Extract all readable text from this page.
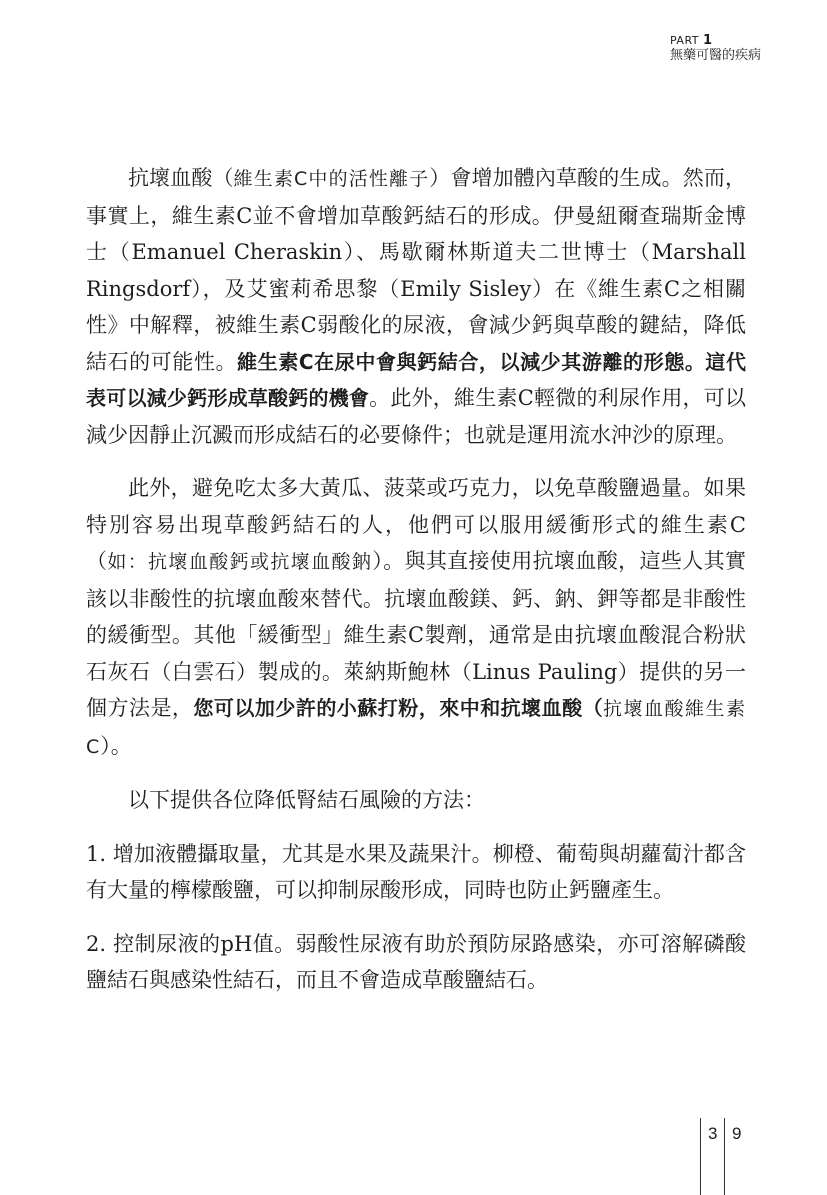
PART 1
無藥可醫的疾病

抗壞血酸（維生素C中的活性離子）會增加體內草酸的生成。然而，事實上，維生素C並不會增加草酸鈣結石的形成。伊曼紐爾查瑞斯金博士（Emanuel Cheraskin）、馬歇爾林斯道夫二世博士（Marshall Ringsdorf），及艾蜜莉希思黎（Emily Sisley）在《維生素C之相關性》中解釋，被維生素C弱酸化的尿液，會減少鈣與草酸的鍵結，降低結石的可能性。維生素C在尿中會與鈣結合，以減少其游離的形態。這代表可以減少鈣形成草酸鈣的機會。此外，維生素C輕微的利尿作用，可以減少因靜止沉澱而形成結石的必要條件；也就是運用流水沖沙的原理。

此外，避免吃太多大黃瓜、菠菜或巧克力，以免草酸鹽過量。如果特別容易出現草酸鈣結石的人，他們可以服用緩衝形式的維生素C（如：抗壞血酸鈣或抗壞血酸鈉）。與其直接使用抗壞血酸，這些人其實該以非酸性的抗壞血酸來替代。抗壞血酸鎂、鈣、鈉、鉀等都是非酸性的緩衝型。其他「緩衝型」維生素C製劑，通常是由抗壞血酸混合粉狀石灰石（白雲石）製成的。萊納斯鮑林（Linus Pauling）提供的另一個方法是，您可以加少許的小蘇打粉，來中和抗壞血酸（抗壞血酸維生素C）。

以下提供各位降低腎結石風險的方法：

1. 增加液體攝取量，尤其是水果及蔬果汁。柳橙、葡萄與胡蘿蔔汁都含有大量的檸檬酸鹽，可以抑制尿酸形成，同時也防止鈣鹽產生。

2. 控制尿液的pH值。弱酸性尿液有助於預防尿路感染，亦可溶解磷酸鹽結石與感染性結石，而且不會造成草酸鹽結石。

3 9
